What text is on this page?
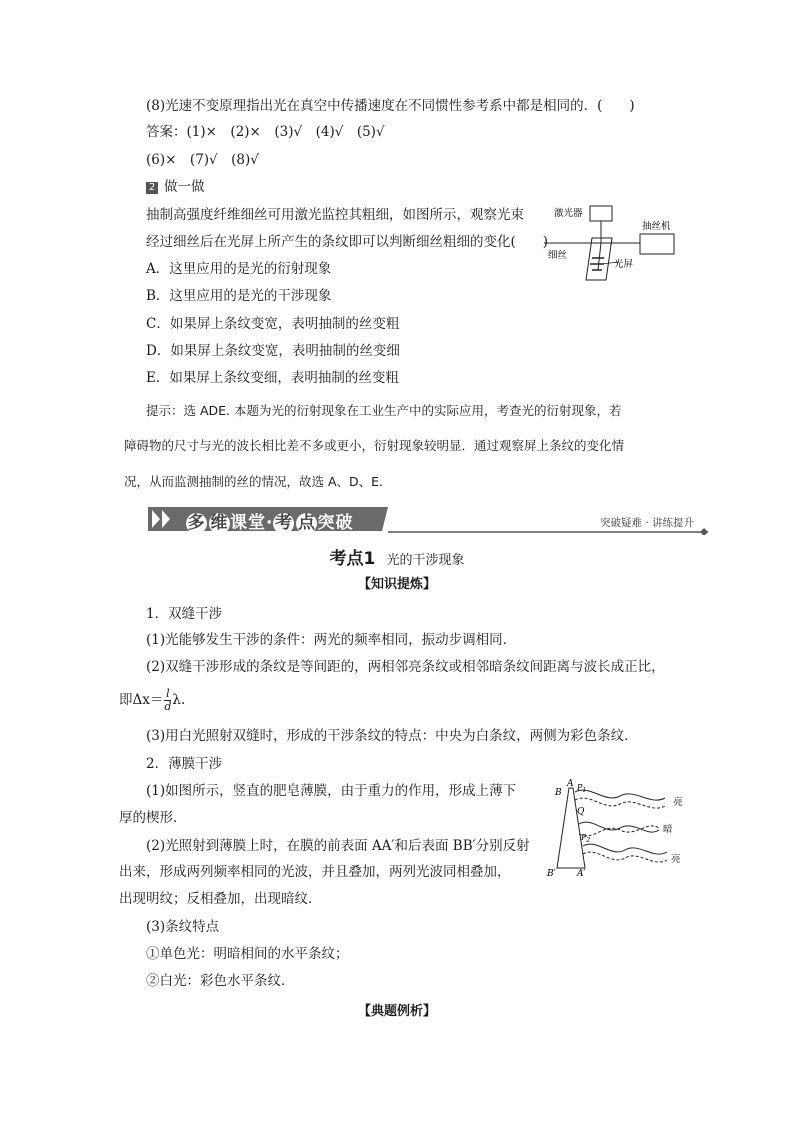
(8)光速不变原理指出光在真空中传播速度在不同惯性参考系中都是相同的．(　　)
答案：(1)×　(2)×　(3)√　(4)√　(5)√
(6)×　(7)√　(8)√
2 做一做
抽制高强度纤维细丝可用激光监控其粗细，如图所示，观察光束
经过细丝后在光屏上所产生的条纹即可以判断细丝粗细的变化(　　)
A．这里应用的是光的衍射现象
B．这里应用的是光的干涉现象
C．如果屏上条纹变宽，表明抽制的丝变粗
D．如果屏上条纹变宽，表明抽制的丝变细
E．如果屏上条纹变细，表明抽制的丝变粗
激光器
抽丝机
细丝
光屏
提示：选 ADE. 本题为光的衍射现象在工业生产中的实际应用，考查光的衍射现象，若
障碍物的尺寸与光的波长相比差不多或更小，衍射现象较明显．通过观察屏上条纹的变化情
况，从而监测抽制的丝的情况，故选 A、D、E.
多 维课堂·考 点突破	突破疑难 · 讲练提升
考点1 光的干涉现象
【知识提炼】
1．双缝干涉
(1)光能够发生干涉的条件：两光的频率相同，振动步调相同．
(2)双缝干涉形成的条纹是等间距的，两相邻亮条纹或相邻暗条纹间距离与波长成正比，
即$\Delta x= \frac{l}{d} \lambda$.
(3)用白光照射双缝时，形成的干涉条纹的特点：中央为白条纹，两侧为彩色条纹．
2．薄膜干涉
(1)如图所示，竖直的肥皂薄膜，由于重力的作用，形成上薄下
厚的楔形．
(2)光照射到薄膜上时，在膜的前表面 AA′和后表面 BB′分别反射
出来，形成两列频率相同的光波，并且叠加，两列光波同相叠加，
出现明纹；反相叠加，出现暗纹．
(3)条纹特点
①单色光：明暗相间的水平条纹；
②白光：彩色水平条纹．
B
A $P_1$
Q
$P_2$
B′ A′
亮
暗
亮
【典题例析】
